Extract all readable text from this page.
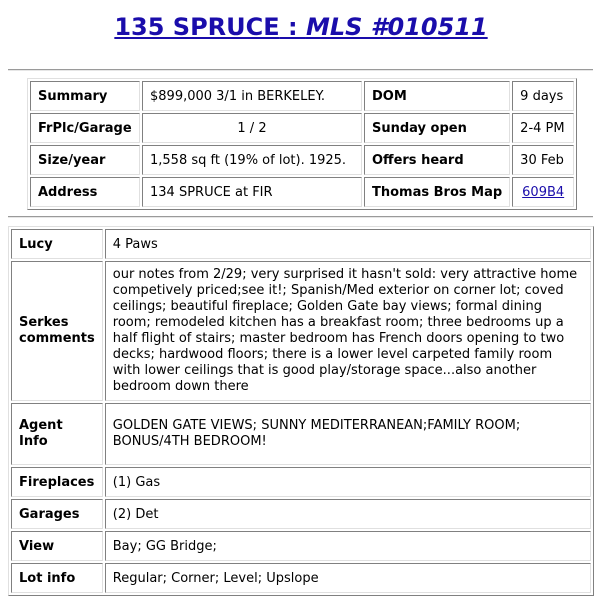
135 SPRUCE : MLS #010511
Summary	$899,000 3/1 in BERKELEY.	DOM	9 days
FrPlc/Garage	1 / 2	Sunday open	2-4 PM
Size/year	1,558 sq ft (19% of lot). 1925.	Offers heard	30 Feb
Address	134 SPRUCE at FIR	Thomas Bros Map	609B4
Lucy	4 Paws
Serkes comments	our notes from 2/29; very surprised it hasn't sold: very attractive home competively priced;see it!; Spanish/Med exterior on corner lot; coved ceilings; beautiful fireplace; Golden Gate bay views; formal dining room; remodeled kitchen has a breakfast room; three bedrooms up a half flight of stairs; master bedroom has French doors opening to two decks; hardwood floors; there is a lower level carpeted family room with lower ceilings that is good play/storage space...also another bedroom down there
Agent Info	GOLDEN GATE VIEWS; SUNNY MEDITERRANEAN;FAMILY ROOM; BONUS/4TH BEDROOM!
Fireplaces	(1) Gas
Garages	(2) Det
View	Bay; GG Bridge;
Lot info	Regular; Corner; Level; Upslope
